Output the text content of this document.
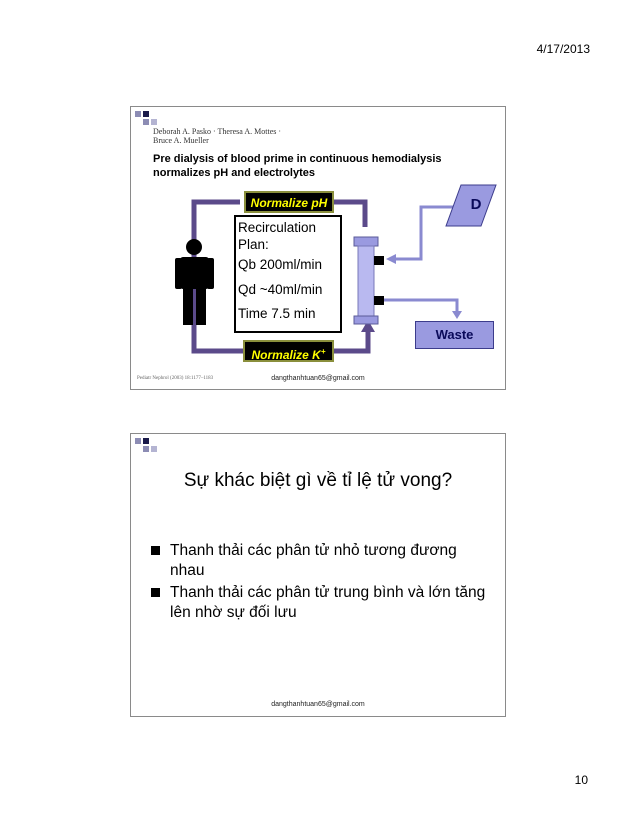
4/17/2013
Deborah A. Pasko · Theresa A. Mottes ·
Bruce A. Mueller
Pre dialysis of blood prime in continuous hemodialysis normalizes pH and electrolytes
D
Waste
Normalize pH
Normalize K+
Recirculation Plan:
Qb 200ml/min
Qd ~40ml/min
Time 7.5 min
Pediatr Nephrol (2003) 18:1177–1183	dangthanhtuan65@gmail.com
Sự khác biệt gì về tỉ lệ tử vong?
Thanh thải các phân tử nhỏ tương đương nhau
Thanh thải các phân tử trung bình và lớn tăng lên nhờ sự đối lưu
dangthanhtuan65@gmail.com
10
